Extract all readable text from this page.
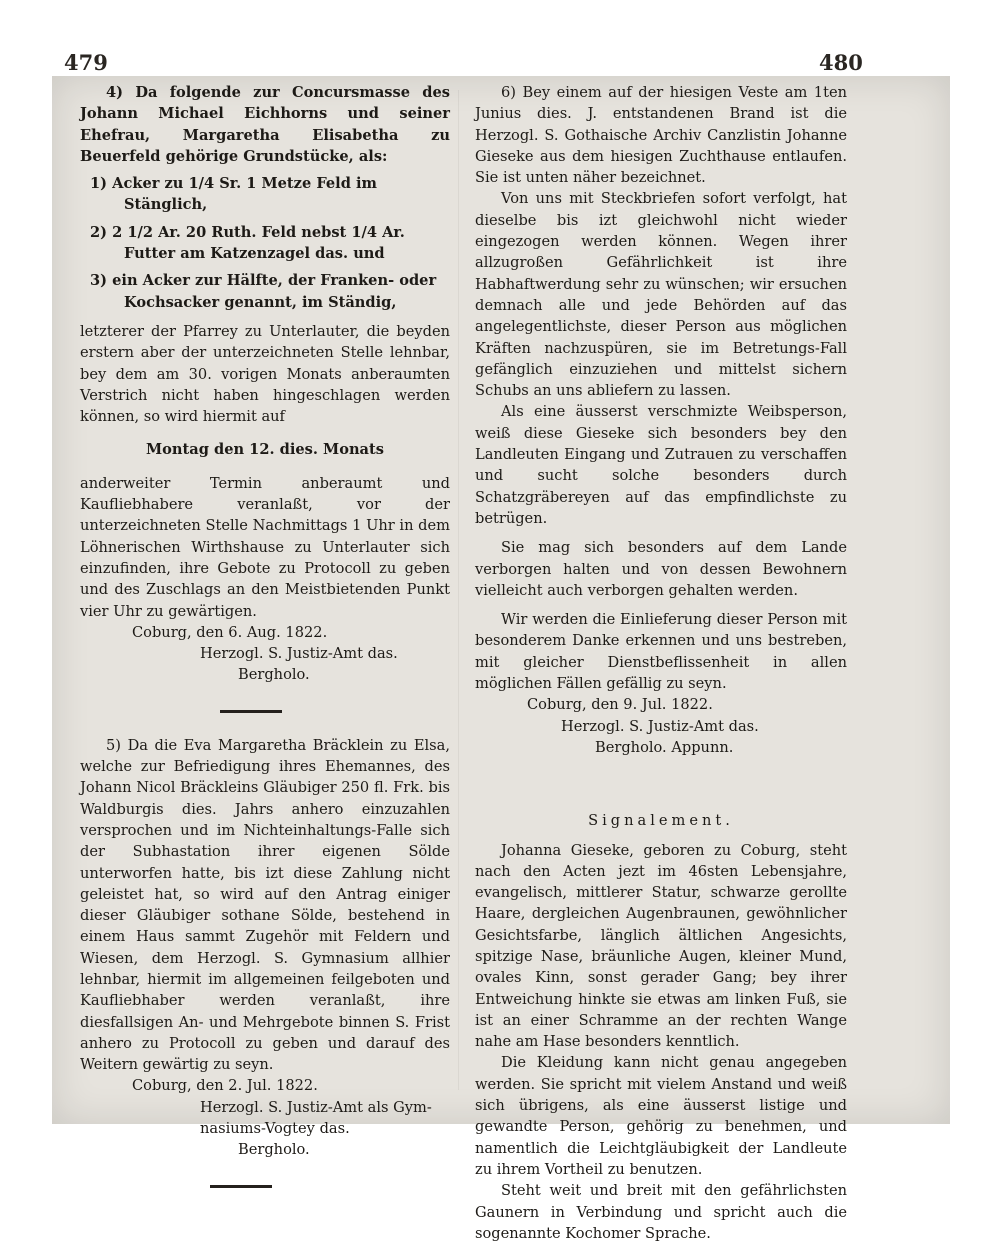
479	480

4) Da folgende zur Concursmasse des Johann Michael Eichhorns und seiner Ehefrau, Margaretha Elisabetha zu Beuerfeld gehörige Grundstücke, als:

1) Acker zu 1/4 Sr. 1 Metze Feld im Stänglich,

2) 2 1/2 Ar. 20 Ruth. Feld nebst 1/4 Ar. Futter am Katzenzagel das. und

3) ein Acker zur Hälfte, der Franken- oder Kochsacker genannt, im Ständig,

letzterer der Pfarrey zu Unterlauter, die beyden erstern aber der unterzeichneten Stelle lehnbar, bey dem am 30. vorigen Monats anberaumten Verstrich nicht haben hingeschlagen werden können, so wird hiermit auf

Montag den 12. dies. Monats

anderweiter Termin anberaumt und Kaufliebhabere veranlaßt, vor der unterzeichneten Stelle Nachmittags 1 Uhr in dem Löhnerischen Wirthshause zu Unterlauter sich einzufinden, ihre Gebote zu Protocoll zu geben und des Zuschlags an den Meistbietenden Punkt vier Uhr zu gewärtigen.

Coburg, den 6. Aug. 1822.

Herzogl. S. Justiz-Amt das.

Bergholo.

5) Da die Eva Margaretha Bräcklein zu Elsa, welche zur Befriedigung ihres Ehemannes, des Johann Nicol Bräckleins Gläubiger 250 fl. Frk. bis Waldburgis dies. Jahrs anhero einzuzahlen versprochen und im Nichteinhaltungs-Falle sich der Subhastation ihrer eigenen Sölde unterworfen hatte, bis izt diese Zahlung nicht geleistet hat, so wird auf den Antrag einiger dieser Gläubiger sothane Sölde, bestehend in einem Haus sammt Zugehör mit Feldern und Wiesen, dem Herzogl. S. Gymnasium allhier lehnbar, hiermit im allgemeinen feilgeboten und Kaufliebhaber werden veranlaßt, ihre diesfallsigen An- und Mehrgebote binnen S. Frist anhero zu Protocoll zu geben und darauf des Weitern gewärtig zu seyn.

Coburg, den 2. Jul. 1822.

Herzogl. S. Justiz-Amt als Gym-

nasiums-Vogtey das.

Bergholo.

6) Bey einem auf der hiesigen Veste am 1ten Junius dies. J. entstandenen Brand ist die Herzogl. S. Gothaische Archiv Canzlistin Johanne Gieseke aus dem hiesigen Zuchthause entlaufen. Sie ist unten näher bezeichnet.

Von uns mit Steckbriefen sofort verfolgt, hat dieselbe bis izt gleichwohl nicht wieder eingezogen werden können. Wegen ihrer allzugroßen Gefährlichkeit ist ihre Habhaftwerdung sehr zu wünschen; wir ersuchen demnach alle und jede Behörden auf das angelegentlichste, dieser Person aus möglichen Kräften nachzuspüren, sie im Betretungs-Fall gefänglich einzuziehen und mittelst sichern Schubs an uns abliefern zu lassen.

Als eine äusserst verschmizte Weibsperson, weiß diese Gieseke sich besonders bey den Landleuten Eingang und Zutrauen zu verschaffen und sucht solche besonders durch Schatzgräbereyen auf das empfindlichste zu betrügen.

Sie mag sich besonders auf dem Lande verborgen halten und von dessen Bewohnern vielleicht auch verborgen gehalten werden.

Wir werden die Einlieferung dieser Person mit besonderem Danke erkennen und uns bestreben, mit gleicher Dienstbeflissenheit in allen möglichen Fällen gefällig zu seyn.

Coburg, den 9. Jul. 1822.

Herzogl. S. Justiz-Amt das.

Bergholo. Appunn.

Signalement.

Johanna Gieseke, geboren zu Coburg, steht nach den Acten jezt im 46sten Lebensjahre, evangelisch, mittlerer Statur, schwarze gerollte Haare, dergleichen Augenbraunen, gewöhnlicher Gesichtsfarbe, länglich ältlichen Angesichts, spitzige Nase, bräunliche Augen, kleiner Mund, ovales Kinn, sonst gerader Gang; bey ihrer Entweichung hinkte sie etwas am linken Fuß, sie ist an einer Schramme an der rechten Wange nahe am Hase besonders kenntlich.

Die Kleidung kann nicht genau angegeben werden. Sie spricht mit vielem Anstand und weiß sich übrigens, als eine äusserst listige und gewandte Person, gehörig zu benehmen, und namentlich die Leichtgläubigkeit der Landleute zu ihrem Vortheil zu benutzen.

Steht weit und breit mit den gefährlichsten Gaunern in Verbindung und spricht auch die sogenannte Kochomer Sprache.
